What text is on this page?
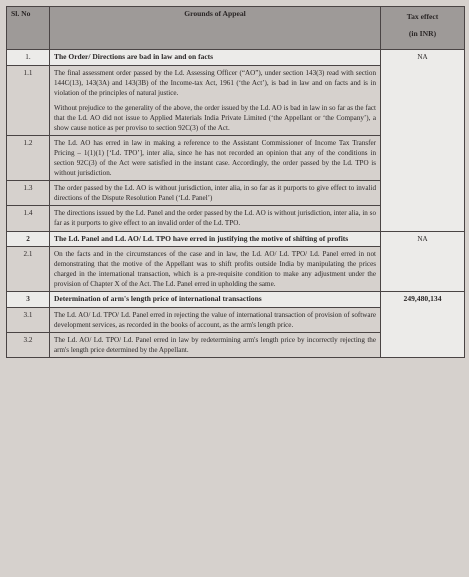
Sl. No	Grounds of Appeal	Tax effect
(in INR)

1.	The Order/ Directions are bad in law and on facts	NA
1.1	The final assessment order passed by the Ld. Assessing Officer (“AO”), under section 143(3) read with section 144C(13), 143(3A) and 143(3B) of the Income-tax Act, 1961 (‘the Act’), is bad in law and on facts and is in violation of the principles of natural justice.

Without prejudice to the generality of the above, the order issued by the Ld. AO is bad in law in so far as the fact that the Ld. AO did not issue to Applied Materials India Private Limited (‘the Appellant or ‘the Company’), a show cause notice as per proviso to section 92C(3) of the Act.	

1.2	The Ld. AO has erred in law in making a reference to the Assistant Commissioner of Income Tax Transfer Pricing – 1(1)(1) [‘Ld. TPO’], inter alia, since he has not recorded an opinion that any of the conditions in section 92C(3) of the Act were satisfied in the instant case. Accordingly, the order passed by the Ld. TPO is without jurisdiction.	

1.3	The order passed by the Ld. AO is without jurisdiction, inter alia, in so far as it purports to give effect to invalid directions of the Dispute Resolution Panel (‘Ld. Panel’)	

1.4	The directions issued by the Ld. Panel and the order passed by the Ld. AO is without jurisdiction, inter alia, in so far as it purports to give effect to an invalid order of the Ld. TPO.	

2	The Ld. Panel and Ld. AO/ Ld. TPO have erred in justifying the motive of shifting of profits	NA
2.1	On the facts and in the circumstances of the case and in law, the Ld. AO/ Ld. TPO/ Ld. Panel erred in not demonstrating that the motive of the Appellant was to shift profits outside India by manipulating the prices charged in the international transaction, which is a pre-requisite condition to make any adjustment under the provision of Chapter X of the Act. The Ld. Panel erred in upholding the same.	

3	Determination of arm's length price of international transactions	249,480,134
3.1	The Ld. AO/ Ld. TPO/ Ld. Panel erred in rejecting the value of international transaction of provision of software development services, as recorded in the books of account, as the arm's length price.	

3.2	The Ld. AO/ Ld. TPO/ Ld. Panel erred in law by redetermining arm's length price by incorrectly rejecting the arm's length price determined by the Appellant.	
